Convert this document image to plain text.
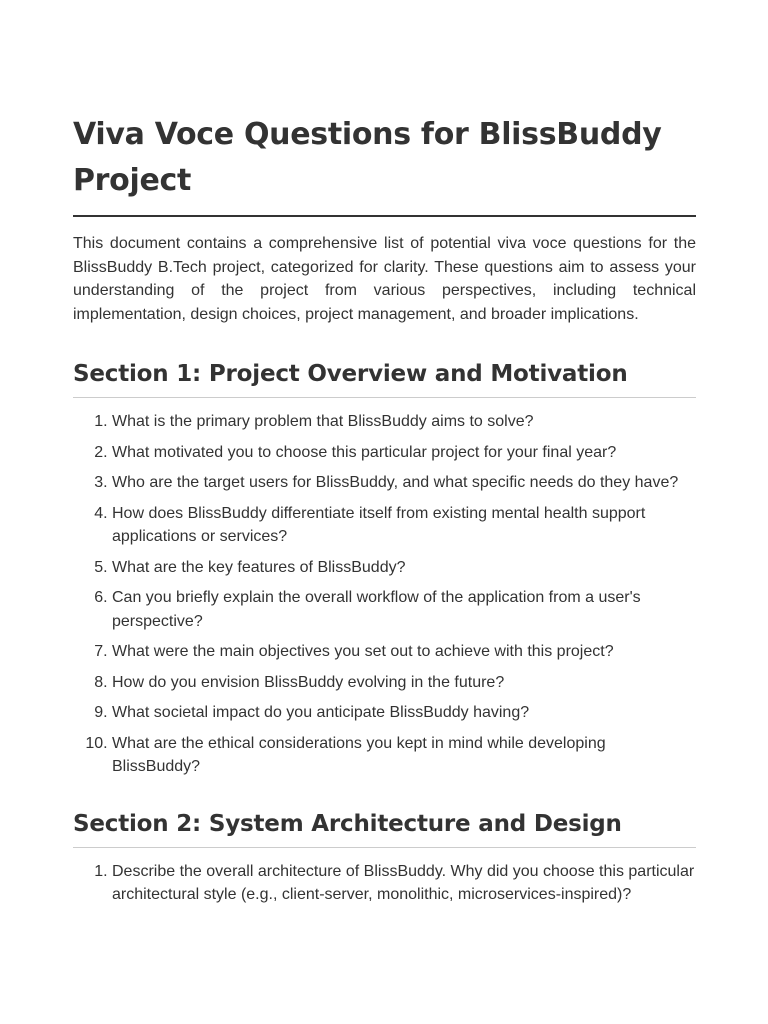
Viva Voce Questions for BlissBuddy Project

This document contains a comprehensive list of potential viva voce questions for the BlissBuddy B.Tech project, categorized for clarity. These questions aim to assess your understanding of the project from various perspectives, including technical implementation, design choices, project management, and broader implications.

Section 1: Project Overview and Motivation
1. What is the primary problem that BlissBuddy aims to solve?
2. What motivated you to choose this particular project for your final year?
3. Who are the target users for BlissBuddy, and what specific needs do they have?
4. How does BlissBuddy differentiate itself from existing mental health support applications or services?
5. What are the key features of BlissBuddy?
6. Can you briefly explain the overall workflow of the application from a user's perspective?
7. What were the main objectives you set out to achieve with this project?
8. How do you envision BlissBuddy evolving in the future?
9. What societal impact do you anticipate BlissBuddy having?
10. What are the ethical considerations you kept in mind while developing BlissBuddy?
Section 2: System Architecture and Design
1. Describe the overall architecture of BlissBuddy. Why did you choose this particular architectural style (e.g., client-server, monolithic, microservices-inspired)?
